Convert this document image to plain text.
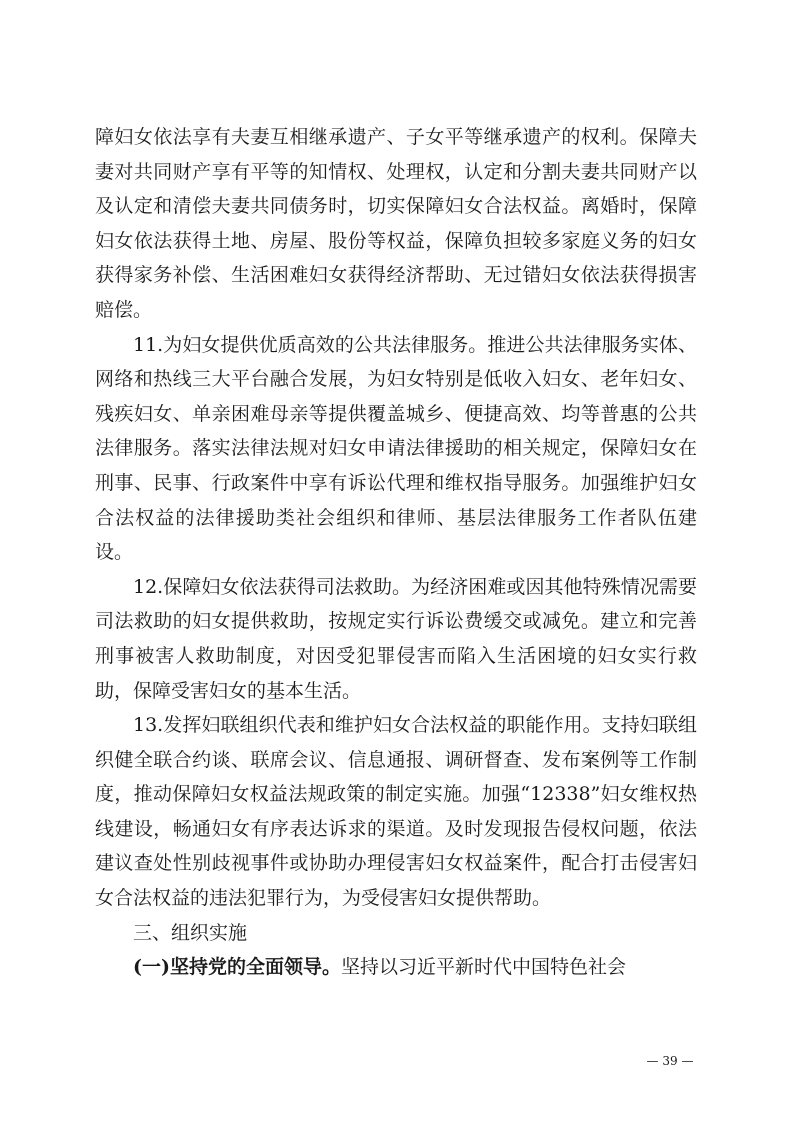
障妇女依法享有夫妻互相继承遗产、子女平等继承遗产的权利。保障夫妻对共同财产享有平等的知情权、处理权，认定和分割夫妻共同财产以及认定和清偿夫妻共同债务时，切实保障妇女合法权益。离婚时，保障妇女依法获得土地、房屋、股份等权益，保障负担较多家庭义务的妇女获得家务补偿、生活困难妇女获得经济帮助、无过错妇女依法获得损害赔偿。

11.为妇女提供优质高效的公共法律服务。推进公共法律服务实体、网络和热线三大平台融合发展，为妇女特别是低收入妇女、老年妇女、残疾妇女、单亲困难母亲等提供覆盖城乡、便捷高效、均等普惠的公共法律服务。落实法律法规对妇女申请法律援助的相关规定，保障妇女在刑事、民事、行政案件中享有诉讼代理和维权指导服务。加强维护妇女合法权益的法律援助类社会组织和律师、基层法律服务工作者队伍建设。

12.保障妇女依法获得司法救助。为经济困难或因其他特殊情况需要司法救助的妇女提供救助，按规定实行诉讼费缓交或减免。建立和完善刑事被害人救助制度，对因受犯罪侵害而陷入生活困境的妇女实行救助，保障受害妇女的基本生活。

13.发挥妇联组织代表和维护妇女合法权益的职能作用。支持妇联组织健全联合约谈、联席会议、信息通报、调研督查、发布案例等工作制度，推动保障妇女权益法规政策的制定实施。加强“12338”妇女维权热线建设，畅通妇女有序表达诉求的渠道。及时发现报告侵权问题，依法建议查处性别歧视事件或协助办理侵害妇女权益案件，配合打击侵害妇女合法权益的违法犯罪行为，为受侵害妇女提供帮助。

三、组织实施

(一)坚持党的全面领导。坚持以习近平新时代中国特色社会

— 39 —
